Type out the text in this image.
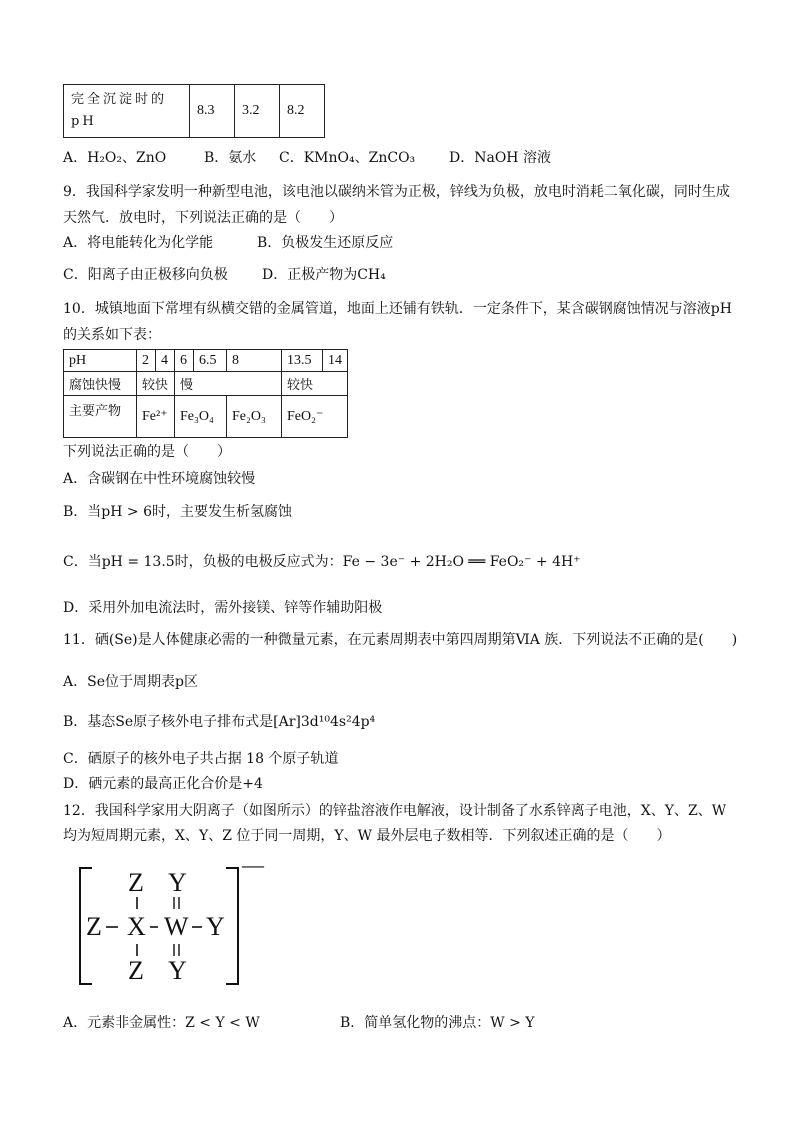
完全沉淀时的pH	8.3	3.2	8.2
A．H₂O₂、ZnO	B．氨水 C．KMnO₄、ZnCO₃ D．NaOH 溶液
9．我国科学家发明一种新型电池，该电池以碳纳米管为正极，锌线为负极，放电时消耗二氧化碳，同时生成
天然气．放电时，下列说法正确的是（　　）
A．将电能转化为化学能	B．负极发生还原反应
C．阳离子由正极移向负极 D．正极产物为CH₄
10．城镇地面下常埋有纵横交错的金属管道，地面上还铺有铁轨．一定条件下，某含碳钢腐蚀情况与溶液pH
的关系如下表：
pH	2	4	6	6.5	8	13.5	14
腐蚀快慢	较快		慢			较快	
主要产物	Fe²⁺		Fe₃O₄		Fe₂O₃	FeO₂⁻	
下列说法正确的是（　　）
A．含碳钢在中性环境腐蚀较慢
B．当pH > 6时，主要发生析氢腐蚀
C．当pH = 13.5时，负极的电极反应式为：Fe − 3e⁻ + 2H₂O ══ FeO₂⁻ + 4H⁺
D．采用外加电流法时，需外接镁、锌等作辅助阳极
11．硒(Se)是人体健康必需的一种微量元素，在元素周期表中第四周期第ⅥA 族．下列说法不正确的是(　　)
A．Se位于周期表p区
B．基态Se原子核外电子排布式是[Ar]3d¹⁰4s²4p⁴
C．硒原子的核外电子共占据 18 个原子轨道
D．硒元素的最高正化合价是+4
12．我国科学家用大阴离子（如图所示）的锌盐溶液作电解液，设计制备了水系锌离子电池，X、Y、Z、W
均为短周期元素，X、Y、Z 位于同一周期，Y、W 最外层电子数相等．下列叙述正确的是（　　）
Z Y
Z X W Y
Z Y
—
A．元素非金属性：Z < Y < W	B．简单氢化物的沸点：W > Y
